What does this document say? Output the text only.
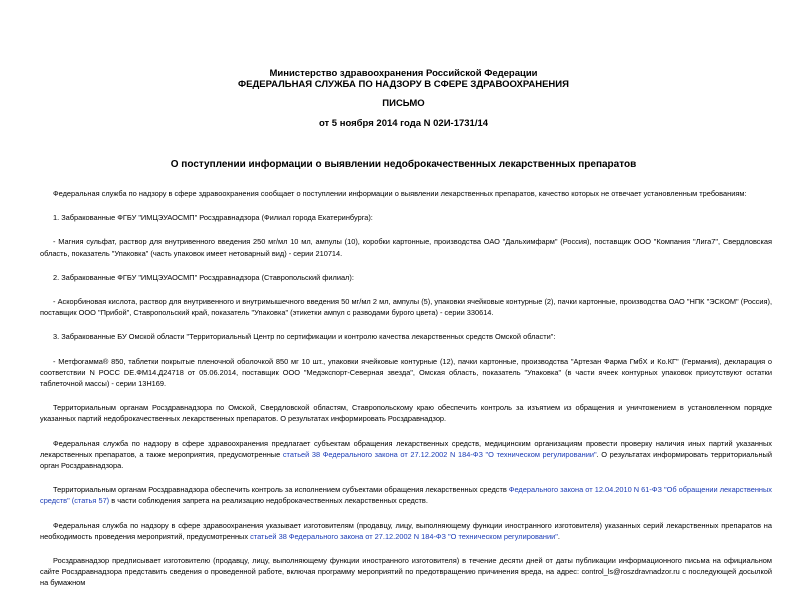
Министерство здравоохранения Российской Федерации
ФЕДЕРАЛЬНАЯ СЛУЖБА ПО НАДЗОРУ В СФЕРЕ ЗДРАВООХРАНЕНИЯ
ПИСЬМО
от 5 ноября 2014 года N 02И-1731/14
О поступлении информации о выявлении недоброкачественных лекарственных препаратов

Федеральная служба по надзору в сфере здравоохранения сообщает о поступлении информации о выявлении лекарственных препаратов, качество которых не отвечает установленным требованиям:

1. Забракованные ФГБУ "ИМЦЭУАОСМП" Росздравнадзора (Филиал города Екатеринбурга):

- Магния сульфат, раствор для внутривенного введения 250 мг/мл 10 мл, ампулы (10), коробки картонные, производства ОАО "Дальхимфарм" (Россия), поставщик ООО "Компания "Лига7", Свердловская область, показатель "Упаковка" (часть упаковок имеет нетоварный вид) - серии 210714.

2. Забракованные ФГБУ "ИМЦЭУАОСМП" Росздравнадзора (Ставропольский филиал):

- Аскорбиновая кислота, раствор для внутривенного и внутримышечного введения 50 мг/мл 2 мл, ампулы (5), упаковки ячейковые контурные (2), пачки картонные, производства ОАО "НПК "ЭСКОМ" (Россия), поставщик ООО "Прибой", Ставропольский край, показатель "Упаковка" (этикетки ампул с разводами бурого цвета) - серии 330614.

3. Забракованные БУ Омской области "Территориальный Центр по сертификации и контролю качества лекарственных средств Омской области":

- Метфогамма® 850, таблетки покрытые пленочной оболочкой 850 мг 10 шт., упаковки ячейковые контурные (12), пачки картонные, производства "Артезан Фарма ГмбХ и Ко.КГ" (Германия), декларация о соответствии N РОСС DE.ФМ14.Д24718 от 05.06.2014, поставщик ООО "Медэкспорт-Северная звезда", Омская область, показатель "Упаковка" (в части ячеек контурных упаковок присутствуют остатки таблеточной массы) - серии 13Н169.

Территориальным органам Росздравнадзора по Омской, Свердловской областям, Ставропольскому краю обеспечить контроль за изъятием из обращения и уничтожением в установленном порядке указанных партий недоброкачественных лекарственных препаратов. О результатах информировать Росздравнадзор.

Федеральная служба по надзору в сфере здравоохранения предлагает субъектам обращения лекарственных средств, медицинским организациям провести проверку наличия иных партий указанных лекарственных препаратов, а также мероприятия, предусмотренные статьей 38 Федерального закона от 27.12.2002 N 184-ФЗ "О техническом регулировании". О результатах информировать территориальный орган Росздравнадзора.

Территориальным органам Росздравнадзора обеспечить контроль за исполнением субъектами обращения лекарственных средств Федерального закона от 12.04.2010 N 61-ФЗ "Об обращении лекарственных средств" (статья 57) в части соблюдения запрета на реализацию недоброкачественных лекарственных средств.

Федеральная служба по надзору в сфере здравоохранения указывает изготовителям (продавцу, лицу, выполняющему функции иностранного изготовителя) указанных серий лекарственных препаратов на необходимость проведения мероприятий, предусмотренных статьей 38 Федерального закона от 27.12.2002 N 184-ФЗ "О техническом регулировании".

Росздравнадзор предписывает изготовителю (продавцу, лицу, выполняющему функции иностранного изготовителя) в течение десяти дней от даты публикации информационного письма на официальном сайте Росздравнадзора представить сведения о проведенной работе, включая программу мероприятий по предотвращению причинения вреда, на адрес: control_ls@roszdravnadzor.ru с последующей досылкой на бумажном
